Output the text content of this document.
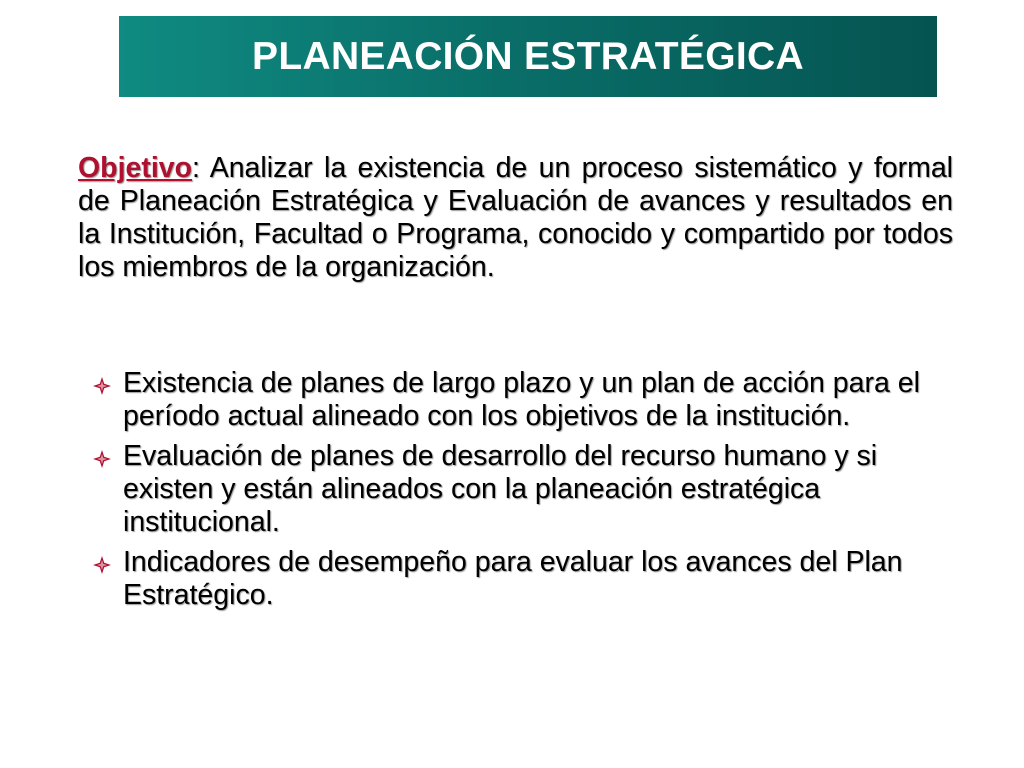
PLANEACIÓN ESTRATÉGICA

Objetivo: Analizar la existencia de un proceso sistemático y formal de Planeación Estratégica y Evaluación de avances y resultados en la Institución, Facultad o Programa, conocido y compartido por todos los miembros de la organización.

Existencia de planes de largo plazo y un plan de acción para el período actual alineado con los objetivos de la institución.
Evaluación de planes de desarrollo del recurso humano y si existen y están alineados con la planeación estratégica institucional.
Indicadores de desempeño para evaluar los avances del Plan Estratégico.
